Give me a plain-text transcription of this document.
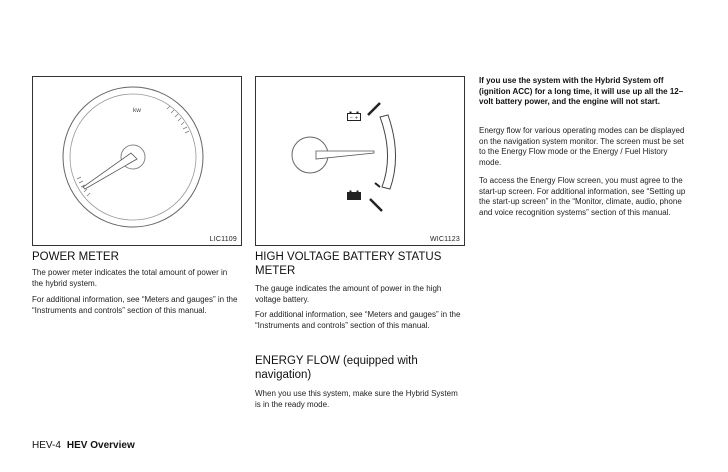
kw
LIC1109
− +
WIC1123
POWER METER

The power meter indicates the total amount of power in the hybrid system.

For additional information, see “Meters and gauges” in the “Instruments and controls” section of this manual.

HIGH VOLTAGE BATTERY STATUS METER

The gauge indicates the amount of power in the high voltage battery.

For additional information, see “Meters and gauges” in the “Instruments and controls” section of this manual.

ENERGY FLOW (equipped with navigation)

When you use this system, make sure the Hybrid System is in the ready mode.

If you use the system with the Hybrid System off (ignition ACC) for a long time, it will use up all the 12–volt battery power, and the engine will not start.

Energy flow for various operating modes can be displayed on the navigation system monitor. The screen must be set to the Energy Flow mode or the Energy / Fuel History mode.

To access the Energy Flow screen, you must agree to the start-up screen. For additional information, see “Setting up the start-up screen” in the “Monitor, climate, audio, phone and voice recognition systems” section of this manual.

HEV-4 HEV Overview
